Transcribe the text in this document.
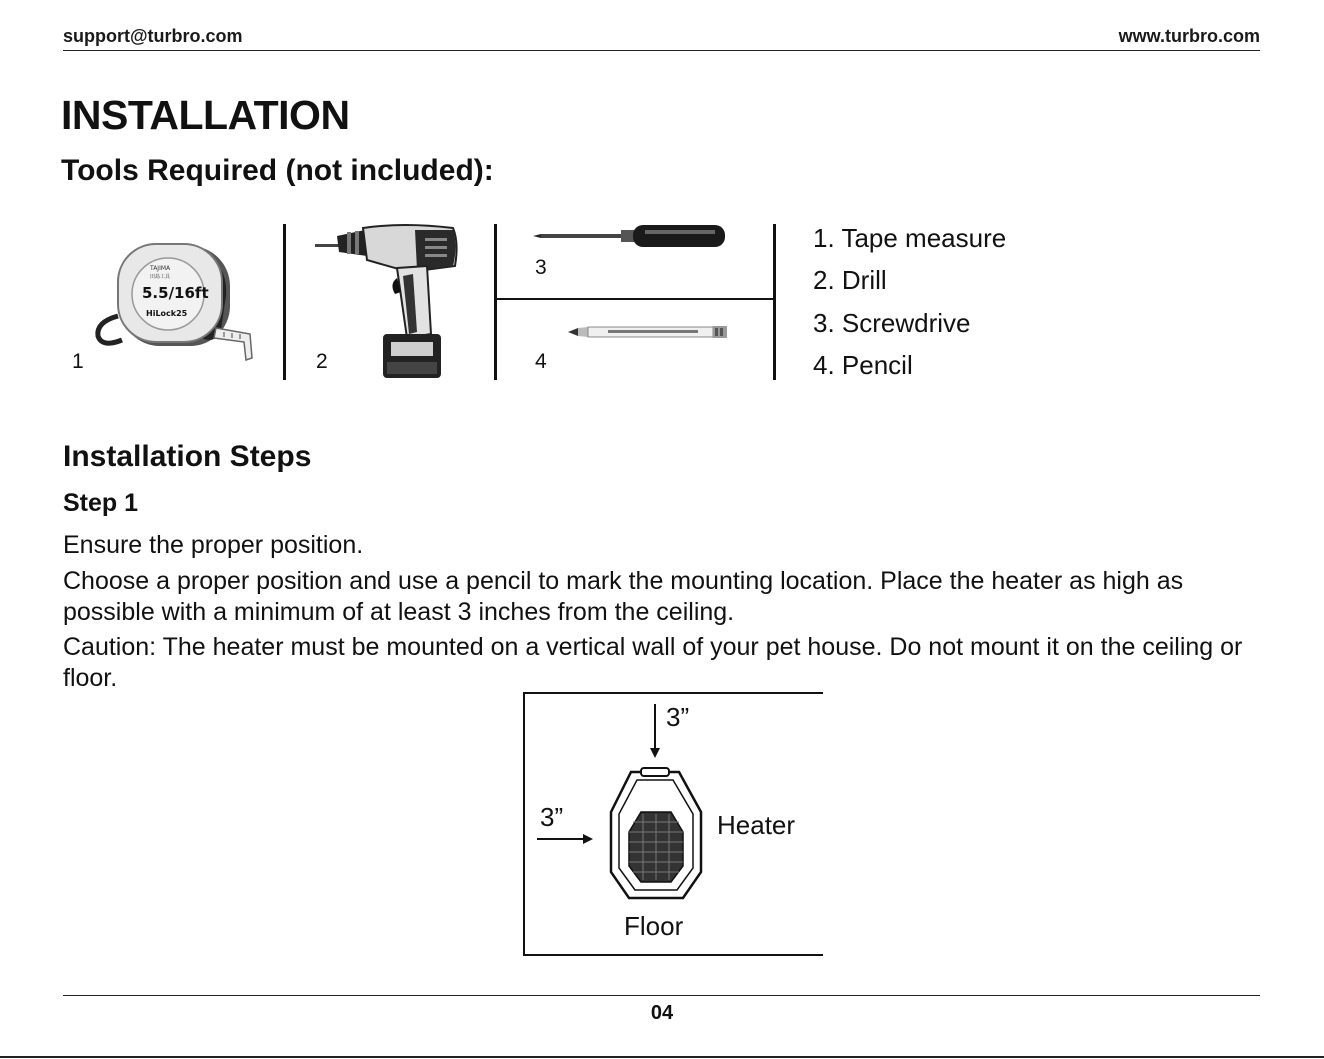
support@turbro.com	www.turbro.com
INSTALLATION
Tools Required (not included):
TAJIMA
田島工具
5.5/16ft
HiLock25
1	2
3
4
1. Tape measure
2. Drill
3. Screwdrive
4. Pencil
Installation Steps
Step 1

Ensure the proper position.

Choose a proper position and use a pencil to mark the mounting location. Place the heater as high as possible with a minimum of at least 3 inches from the ceiling.

Caution: The heater must be mounted on a vertical wall of your pet house. Do not mount it on the ceiling or floor.

3”
3”	Heater
Floor
04
